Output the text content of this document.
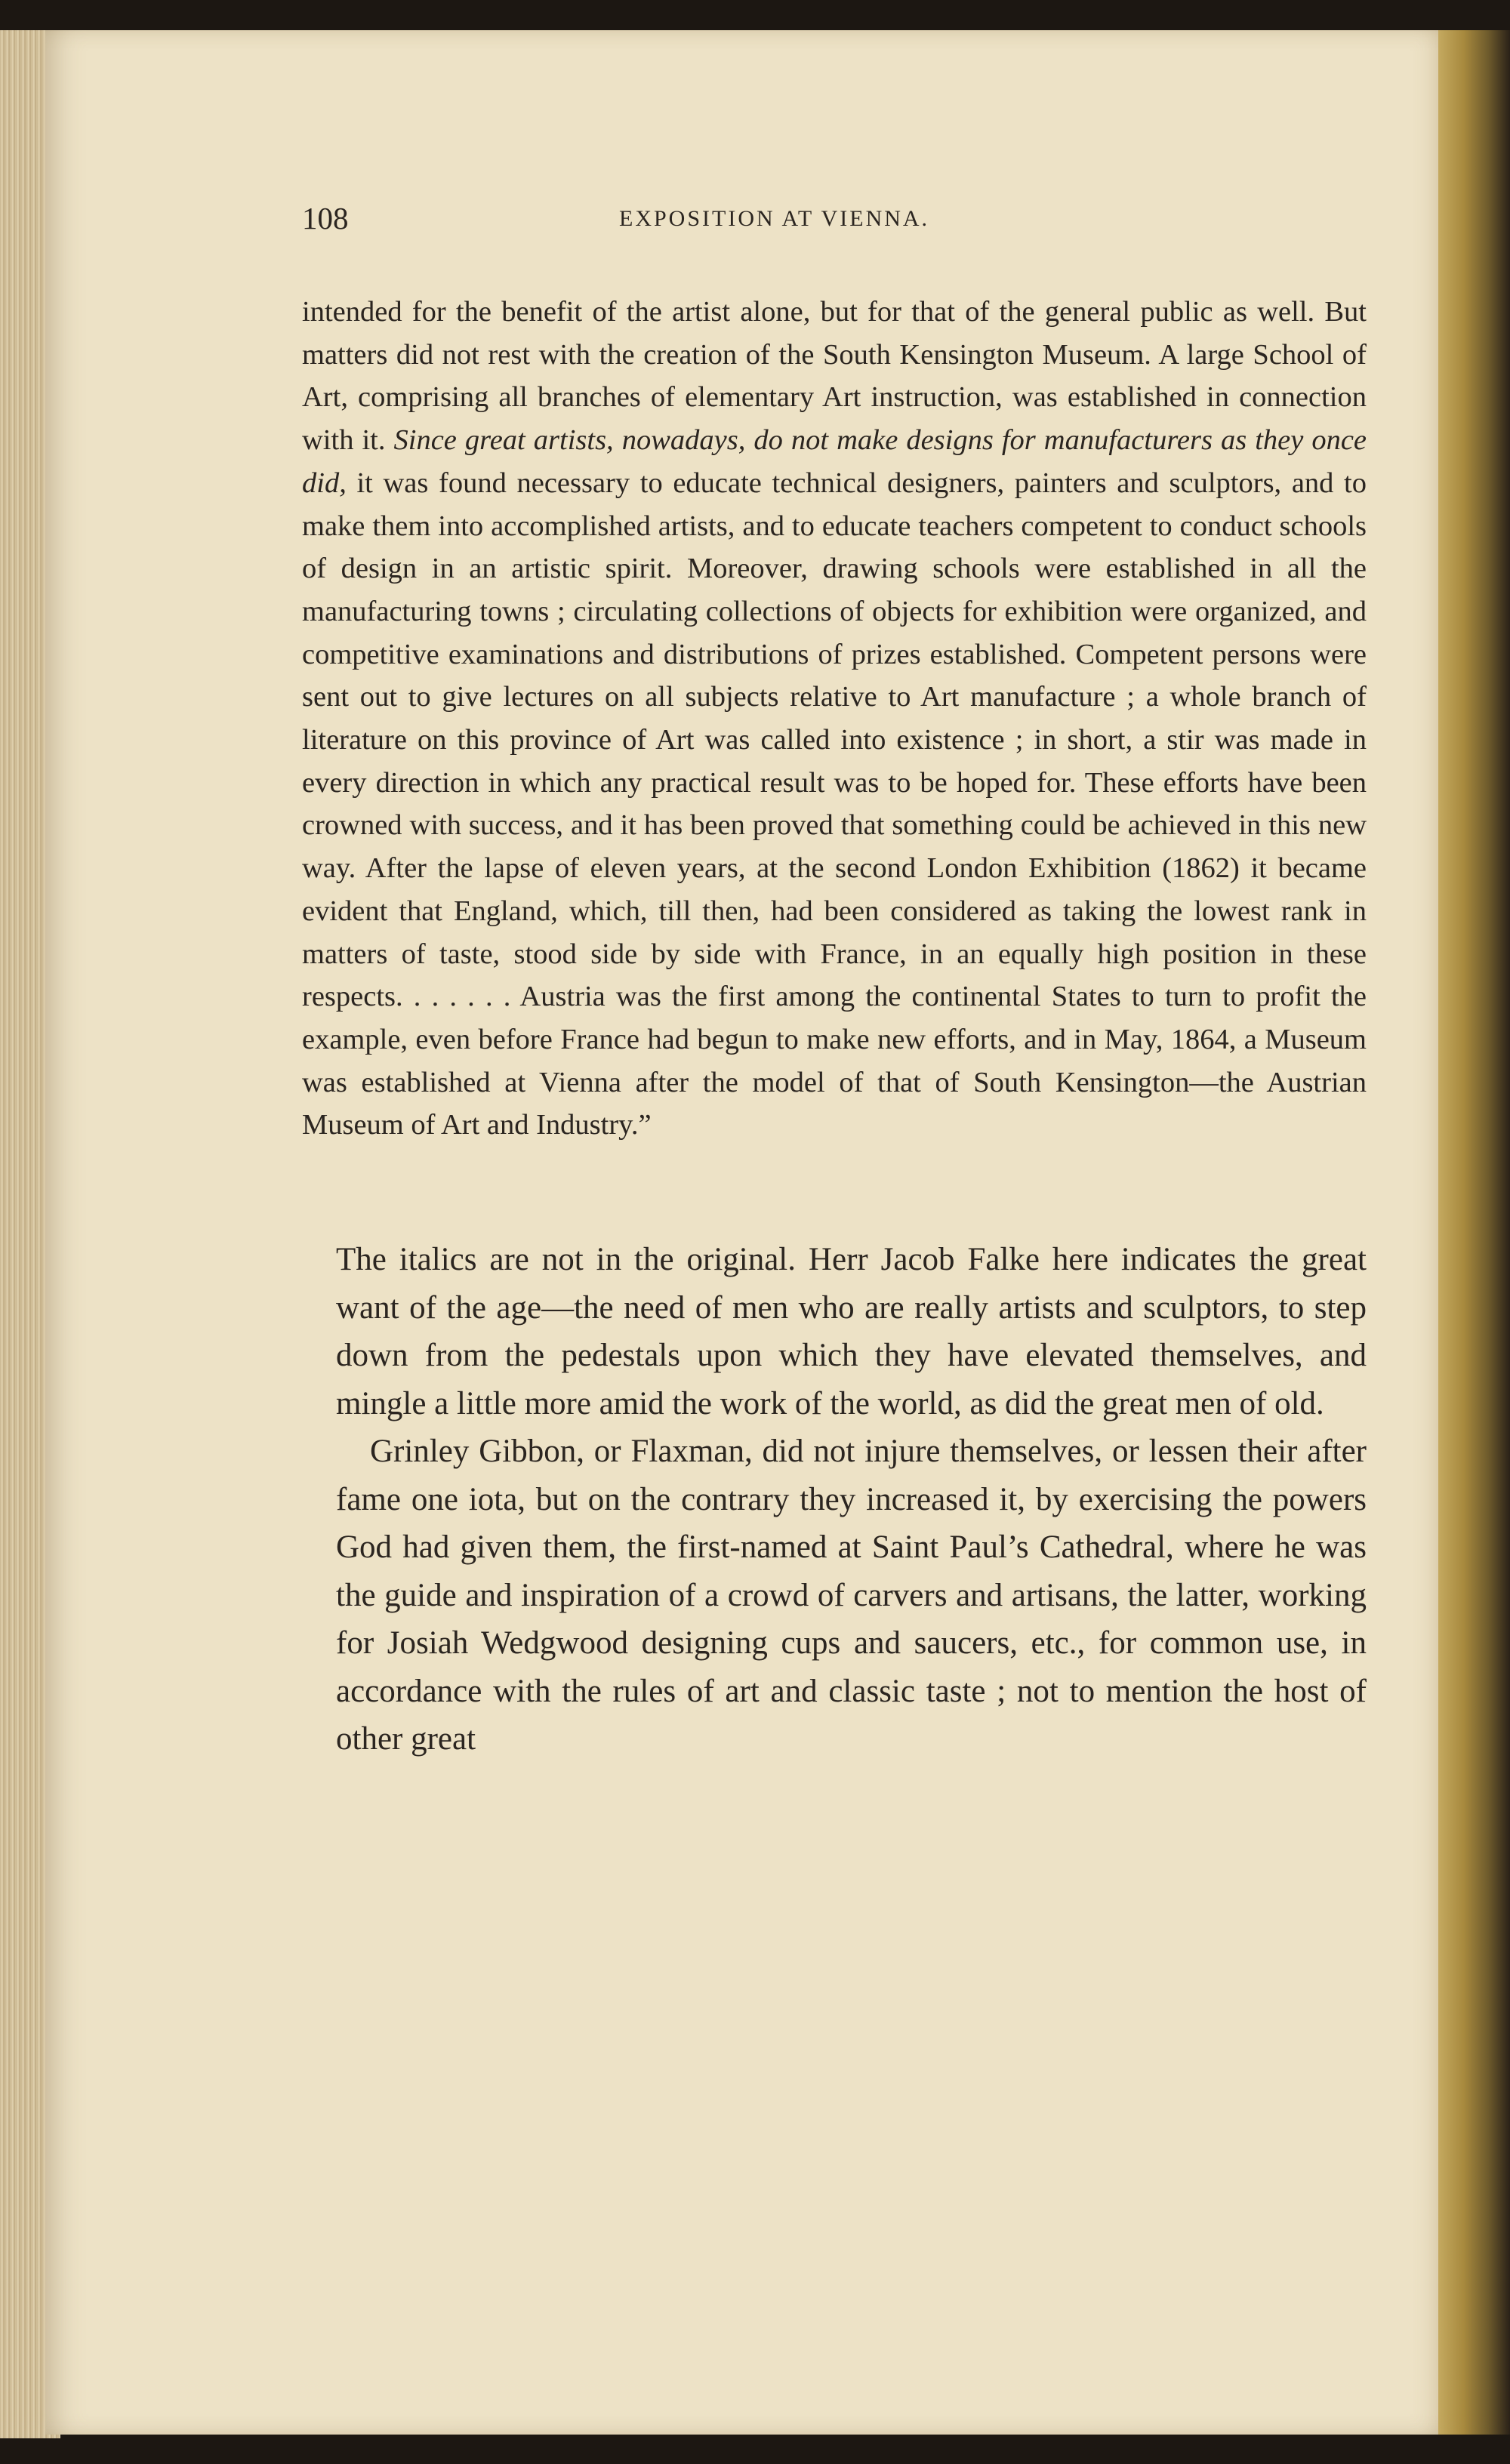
108	EXPOSITION AT VIENNA.

intended for the benefit of the artist alone, but for that of the general public as well. But matters did not rest with the creation of the South Kensington Museum. A large School of Art, comprising all branches of elementary Art instruction, was established in connection with it. Since great artists, nowadays, do not make designs for manufacturers as they once did, it was found necessary to educate technical designers, painters and sculptors, and to make them into accomplished artists, and to educate teachers competent to conduct schools of design in an artistic spirit. Moreover, drawing schools were established in all the manufacturing towns ; circulating collections of objects for exhibition were organized, and competitive examinations and distributions of prizes established. Competent persons were sent out to give lectures on all subjects relative to Art manufacture ; a whole branch of literature on this province of Art was called into existence ; in short, a stir was made in every direction in which any practical result was to be hoped for. These efforts have been crowned with success, and it has been proved that something could be achieved in this new way. After the lapse of eleven years, at the second London Exhibition (1862) it became evident that England, which, till then, had been considered as taking the lowest rank in matters of taste, stood side by side with France, in an equally high position in these respects. . . . . . . Austria was the first among the continental States to turn to profit the example, even before France had begun to make new efforts, and in May, 1864, a Museum was established at Vienna after the model of that of South Kensington—the Austrian Museum of Art and Industry.”

The italics are not in the original. Herr Jacob Falke here indicates the great want of the age—the need of men who are really artists and sculptors, to step down from the pedestals upon which they have elevated themselves, and mingle a little more amid the work of the world, as did the great men of old.

Grinley Gibbon, or Flaxman, did not injure themselves, or lessen their after fame one iota, but on the contrary they increased it, by exercising the powers God had given them, the first-named at Saint Paul’s Cathedral, where he was the guide and inspiration of a crowd of carvers and artisans, the latter, working for Josiah Wedgwood designing cups and saucers, etc., for common use, in accordance with the rules of art and classic taste ; not to mention the host of other great
